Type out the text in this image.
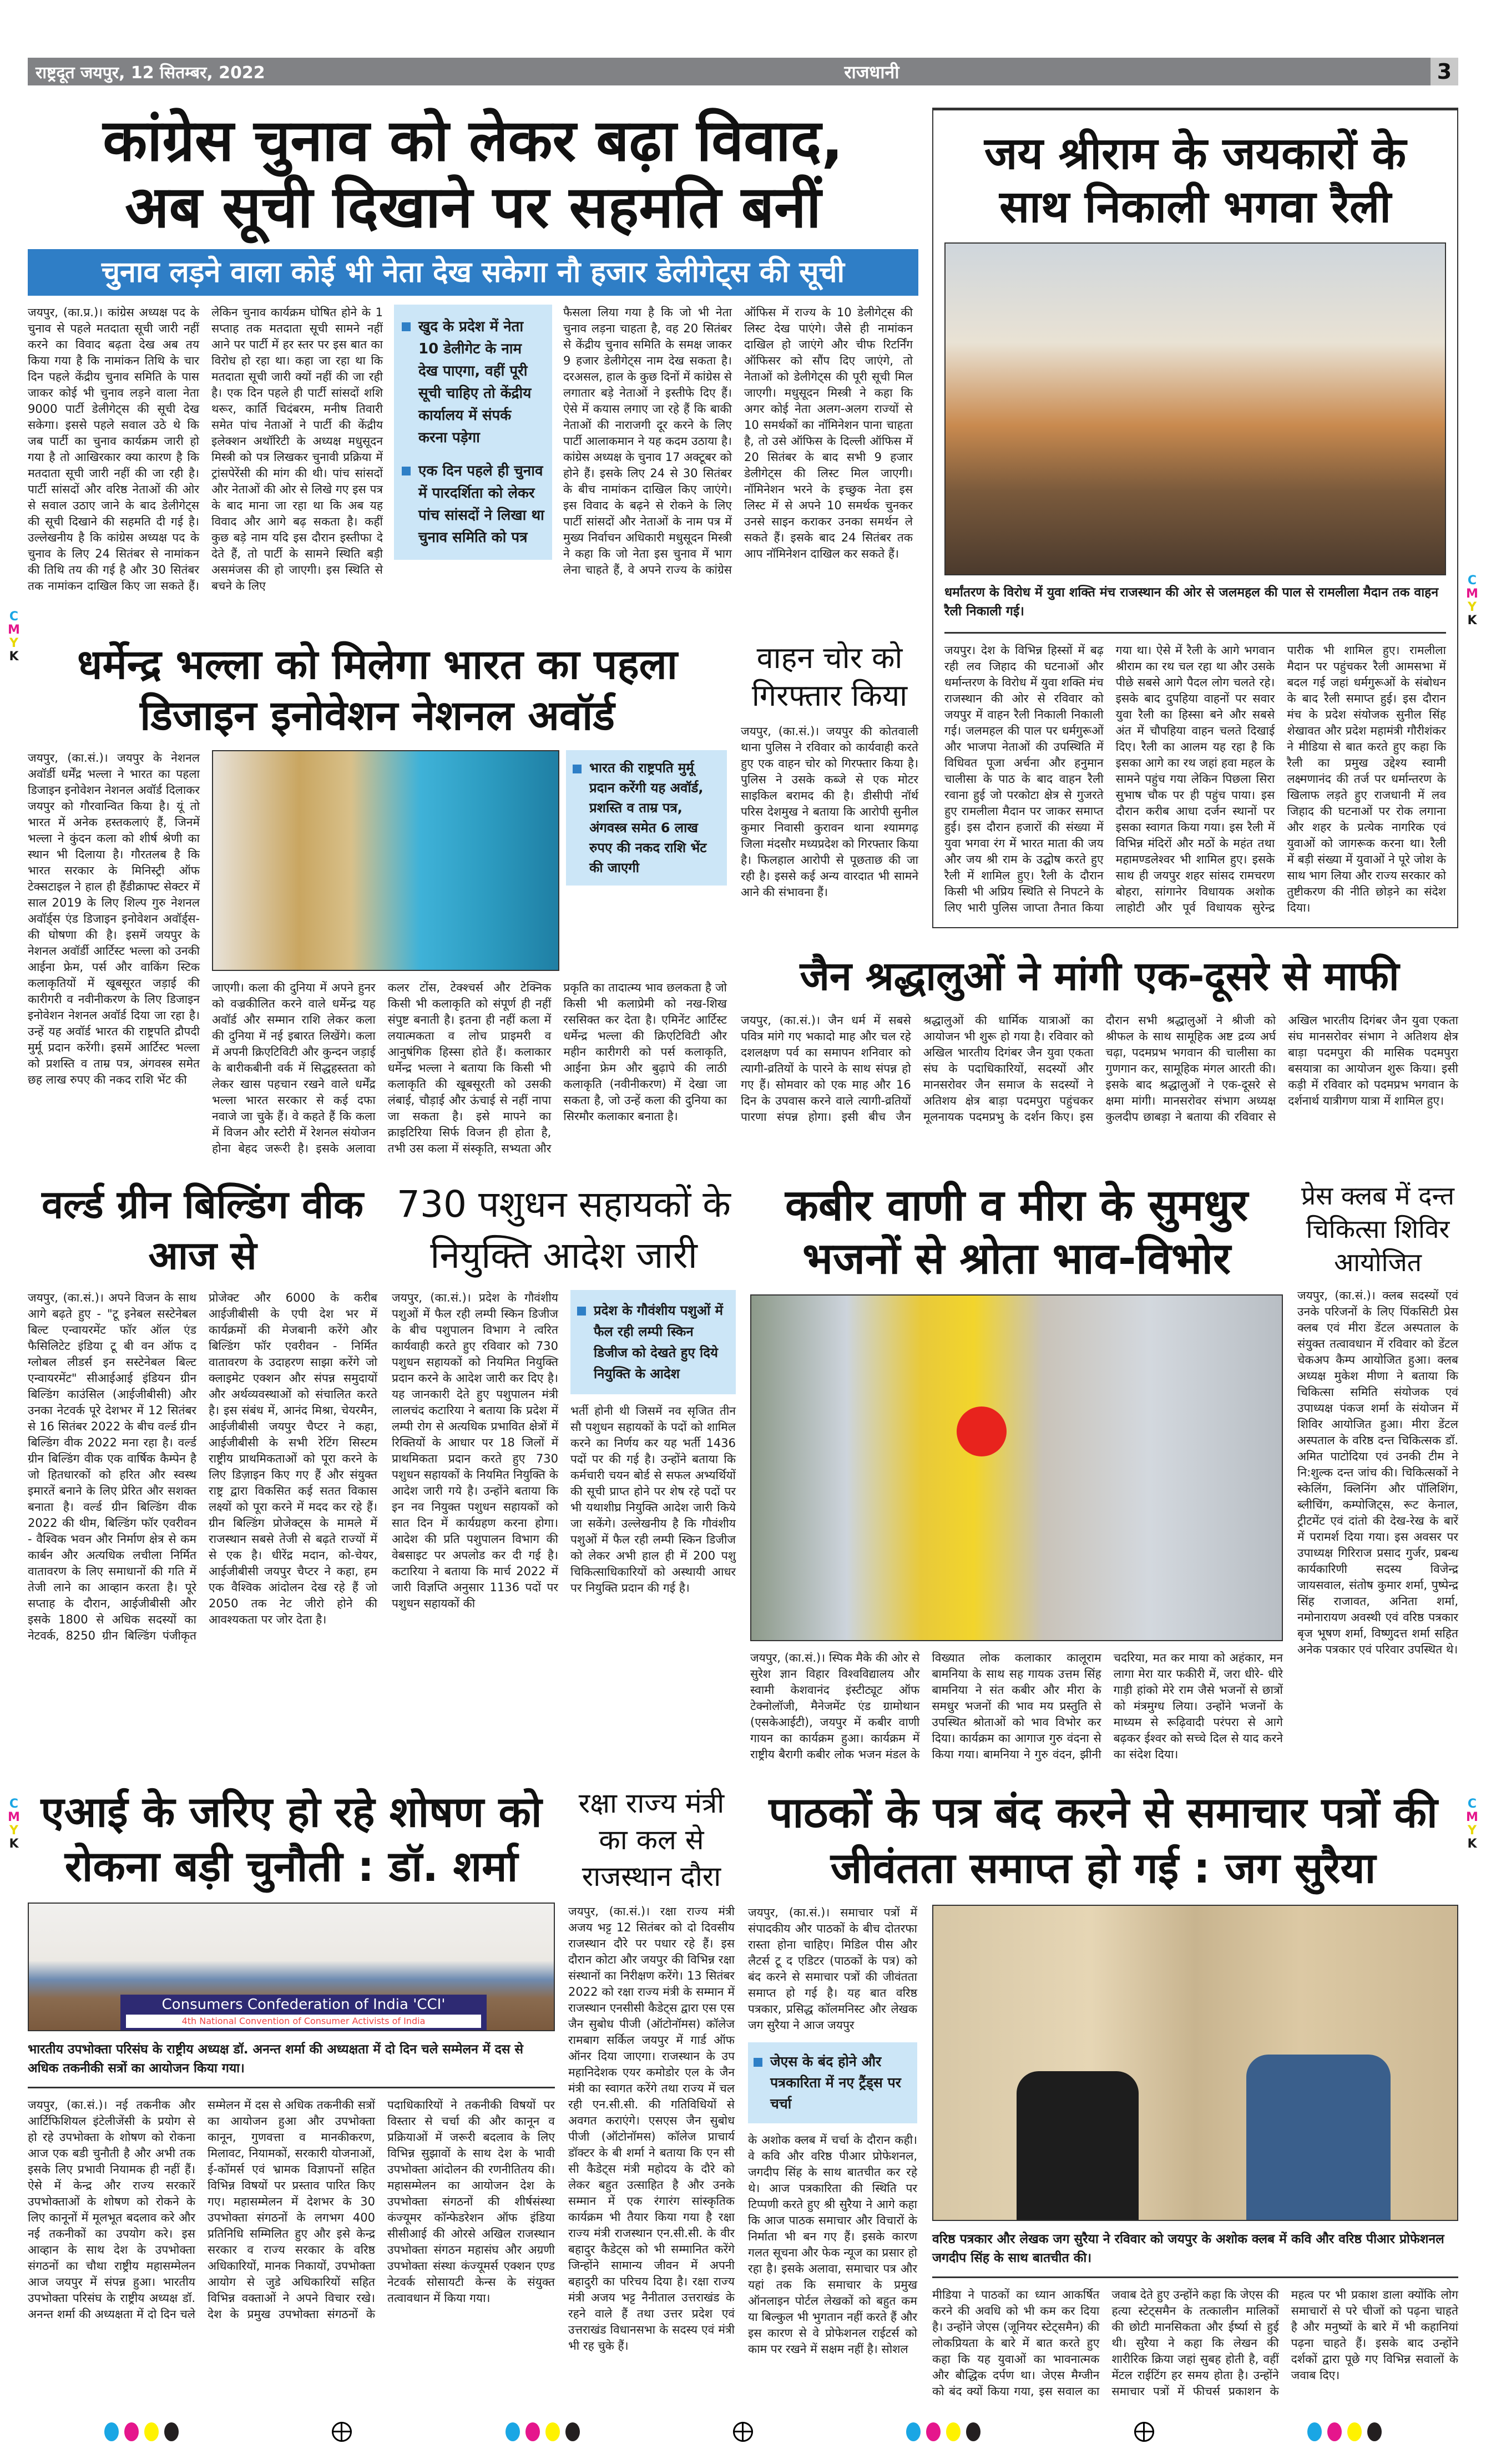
राष्ट्रदूत जयपुर, 12 सितम्बर, 2022	राजधानी	3
कांग्रेस चुनाव को लेकर बढ़ा विवाद,
अब सूची दिखाने पर सहमति बनीं
चुनाव लड़ने वाला कोई भी नेता देख सकेगा नौ हजार डेलीगेट्स की सूची
जयपुर, (का.प्र.)। कांग्रेस अध्यक्ष पद के चुनाव से पहले मतदाता सूची जारी नहीं करने का विवाद बढ़ता देख अब तय किया गया है कि नामांकन तिथि के चार दिन पहले केंद्रीय चुनाव समिति के पास जाकर कोई भी चुनाव लड़ने वाला नेता 9000 पार्टी डेलीगेट्स की सूची देख सकेगा। इससे पहले सवाल उठे थे कि जब पार्टी का चुनाव कार्यक्रम जारी हो गया है तो आखिरकार क्या कारण है कि मतदाता सूची जारी नहीं की जा रही है। पार्टी सांसदों और वरिष्ठ नेताओं की ओर से सवाल उठाए जाने के बाद डेलीगेट्स की सूची दिखाने की सहमति दी गई है। उल्लेखनीय है कि कांग्रेस अध्यक्ष पद के चुनाव के लिए 24 सितंबर से नामांकन की तिथि तय की गई है और 30 सितंबर तक नामांकन दाखिल किए जा सकते हैं। लेकिन चुनाव कार्यक्रम घोषित होने के 1 सप्ताह तक मतदाता सूची सामने नहीं आने पर पार्टी में हर स्तर पर इस बात का विरोध हो रहा था। कहा जा रहा था कि मतदाता सूची जारी क्यों नहीं की जा रही है। एक दिन पहले ही पार्टी सांसदों शशि थरूर, कार्ति चिदंबरम, मनीष तिवारी समेत पांच नेताओं ने पार्टी की केंद्रीय इलेक्शन अथॉरिटी के अध्यक्ष मधुसूदन मिस्त्री को पत्र लिखकर चुनावी प्रक्रिया में ट्रांसपेरेंसी की मांग की थी। पांच सांसदों और नेताओं की ओर से लिखे गए इस पत्र के बाद माना जा रहा था कि अब यह विवाद और आगे बढ़ सकता है। कहीं कुछ बड़े नाम यदि इस दौरान इस्तीफा दे देते हैं, तो पार्टी के सामने स्थिति बड़ी असमंजस की हो जाएगी। इस स्थिति से बचने के लिए
खुद के प्रदेश में नेता 10 डेलीगेट के नाम देख पाएगा, वहीं पूरी सूची चाहिए तो केंद्रीय कार्यालय में संपर्क करना पड़ेगा
एक दिन पहले ही चुनाव में पारदर्शिता को लेकर पांच सांसदों ने लिखा था चुनाव समिति को पत्र
फैसला लिया गया है कि जो भी नेता चुनाव लड़ना चाहता है, वह 20 सितंबर से केंद्रीय चुनाव समिति के समक्ष जाकर 9 हजार डेलीगेट्स नाम देख सकता है। दरअसल, हाल के कुछ दिनों में कांग्रेस से लगातार बड़े नेताओं ने इस्तीफे दिए हैं। ऐसे में कयास लगाए जा रहे हैं कि बाकी नेताओं की नाराजगी दूर करने के लिए पार्टी आलाकमान ने यह कदम उठाया है। कांग्रेस अध्यक्ष के चुनाव 17 अक्टूबर को होने हैं। इसके लिए 24 से 30 सितंबर के बीच नामांकन दाखिल किए जाएंगे। इस विवाद के बढ़ने से रोकने के लिए पार्टी सांसदों और नेताओं के नाम पत्र में मुख्य निर्वाचन अधिकारी मधुसूदन मिस्त्री ने कहा कि जो नेता इस चुनाव में भाग लेना चाहते हैं, वे अपने राज्य के कांग्रेस ऑफिस में राज्य के 10 डेलीगेट्स की लिस्ट देख पाएंगे। जैसे ही नामांकन दाखिल हो जाएंगे और चीफ रिटर्निंग ऑफिसर को सौंप दिए जाएंगे, तो नेताओं को डेलीगेट्स की पूरी सूची मिल जाएगी। मधुसूदन मिस्त्री ने कहा कि अगर कोई नेता अलग-अलग राज्यों से 10 समर्थकों का नॉमिनेशन पाना चाहता है, तो उसे ऑफिस के दिल्ली ऑफिस में 20 सितंबर के बाद सभी 9 हजार डेलीगेट्स की लिस्ट मिल जाएगी। नॉमिनेशन भरने के इच्छुक नेता इस लिस्ट में से अपने 10 समर्थक चुनकर उनसे साइन कराकर उनका समर्थन ले सकते हैं। इसके बाद 24 सितंबर तक आप नॉमिनेशन दाखिल कर सकते हैं।
जय श्रीराम के जयकारों के साथ निकाली भगवा रैली
धर्मांतरण के विरोध में युवा शक्ति मंच राजस्थान की ओर से जलमहल की पाल से रामलीला मैदान तक वाहन रैली निकाली गई।
जयपुर। देश के विभिन्न हिस्सों में बढ़ रही लव जिहाद की घटनाओं और धर्मान्तरण के विरोध में युवा शक्ति मंच राजस्थान की ओर से रविवार को जयपुर में वाहन रैली निकाली निकाली गई। जलमहल की पाल पर धर्मगुरूओं और भाजपा नेताओं की उपस्थिति में विधिवत पूजा अर्चना और हनुमान चालीसा के पाठ के बाद वाहन रैली रवाना हुई जो परकोटा क्षेत्र से गुजरते हुए रामलीला मैदान पर जाकर समाप्त हुई। इस दौरान हजारों की संख्या में युवा भगवा रंग में भारत माता की जय और जय श्री राम के उद्घोष करते हुए रैली में शामिल हुए। रैली के दौरान किसी भी अप्रिय स्थिति से निपटने के लिए भारी पुलिस जाप्ता तैनात किया गया था। ऐसे में रैली के आगे भगवान श्रीराम का रथ चल रहा था और उसके पीछे सबसे आगे पैदल लोग चलते रहे। इसके बाद दुपहिया वाहनों पर सवार युवा रैली का हिस्सा बने और सबसे अंत में चौपहिया वाहन चलते दिखाई दिए। रैली का आलम यह रहा है कि इसका आगे का रथ जहां हवा महल के सामने पहुंच गया लेकिन पिछला सिरा सुभाष चौक पर ही पहुंच पाया। इस दौरान करीब आधा दर्जन स्थानों पर इसका स्वागत किया गया। इस रैली में विभिन्न मंदिरों और मठों के महंत तथा महामण्डलेश्वर भी शामिल हुए। इसके साथ ही जयपुर शहर सांसद रामचरण बोहरा, सांगानेर विधायक अशोक लाहोटी और पूर्व विधायक सुरेन्द्र पारीक भी शामिल हुए। रामलीला मैदान पर पहुंचकर रैली आमसभा में बदल गई जहां धर्मगुरूओं के संबोधन के बाद रैली समाप्त हुई। इस दौरान मंच के प्रदेश संयोजक सुनील सिंह शेखावत और प्रदेश महामंत्री गौरीशंकर ने मीडिया से बात करते हुए कहा कि रैली का प्रमुख उद्देश्य स्वामी लक्ष्मणानंद की तर्ज पर धर्मान्तरण के खिलाफ लड़ते हुए राजधानी में लव जिहाद की घटनाओं पर रोक लगाना और शहर के प्रत्येक नागरिक एवं युवाओं को जागरूक करना था। रैली में बड़ी संख्या में युवाओं ने पूरे जोश के साथ भाग लिया और राज्य सरकार को तुष्टीकरण की नीति छोड़ने का संदेश दिया।
धर्मेन्द्र भल्ला को मिलेगा भारत का पहला डिजाइन इनोवेशन नेशनल अवॉर्ड
जयपुर, (का.सं.)। जयपुर के नेशनल अवॉर्डी धर्मेंद्र भल्ला ने भारत का पहला डिजाइन इनोवेशन नेशनल अवॉर्ड दिलाकर जयपुर को गौरवान्वित किया है। यूं तो भारत में अनेक हस्तकलाएं हैं, जिनमें भल्ला ने कुंदन कला को शीर्ष श्रेणी का स्थान भी दिलाया है। गौरतलब है कि भारत सरकार के मिनिस्ट्री ऑफ टेक्सटाइल ने हाल ही हैंडीक्राफ्ट सेक्टर में साल 2019 के लिए शिल्प गुरु नेशनल अवॉर्ड्स एंड डिजाइन इनोवेशन अवॉर्ड्स-की घोषणा की है। इसमें जयपुर के नेशनल अवॉर्डी आर्टिस्ट भल्ला को उनकी आईना फ्रेम, पर्स और वाकिंग स्टिक कलाकृतियों में खूबसूरत जड़ाई की कारीगरी व नवीनीकरण के लिए डिजाइन इनोवेशन नेशनल अवॉर्ड दिया जा रहा है। उन्हें यह अवॉर्ड भारत की राष्ट्रपति द्रौपदी मुर्मू प्रदान करेंगी। इसमें आर्टिस्ट भल्ला को प्रशस्ति व ताम्र पत्र, अंगवस्त्र समेत छह लाख रुपए की नकद राशि भेंट की
भारत की राष्ट्रपति मुर्मू प्रदान करेंगी यह अवॉर्ड, प्रशस्ति व ताम्र पत्र, अंगवस्त्र समेत 6 लाख रुपए की नकद राशि भेंट की जाएगी
जाएगी। कला की दुनिया में अपने हुनर को वज्रकीलित करने वाले धर्मेन्द्र यह अवॉर्ड और सम्मान राशि लेकर कला की दुनिया में नई इबारत लिखेंगे। कला में अपनी क्रिएटिविटी और कुन्दन जड़ाई के बारीकबीनी वर्क में सिद्धहस्तता को लेकर खास पहचान रखने वाले धर्मेंद्र भल्ला भारत सरकार से कई दफा नवाजे जा चुके हैं। वे कहते हैं कि कला में विजन और स्टोरी में रेशनल संयोजन होना बेहद जरूरी है। इसके अलावा कलर टोंस, टेक्श्चर्स और टेक्निक किसी भी कलाकृति को संपूर्ण ही नहीं संपुष्ट बनाती है। इतना ही नहीं कला में लयात्मकता व लोच प्राइमरी व आनुषंगिक हिस्सा होते हैं। कलाकार धर्मेन्द्र भल्ला ने बताया कि किसी भी कलाकृति की खूबसूरती को उसकी लंबाई, चौड़ाई और ऊंचाई से नहीं नापा जा सकता है। इसे मापने का क्राइटिरिया सिर्फ विजन ही होता है, तभी उस कला में संस्कृति, सभ्यता और प्रकृति का तादात्म्य भाव छलकता है जो किसी भी कलाप्रेमी को नख-शिख रससिक्त कर देता है। एमिनेंट आर्टिस्ट धर्मेन्द्र भल्ला की क्रिएटिविटी और महीन कारीगरी को पर्स कलाकृति, आईना फ्रेम और बुढ़ापे की लाठी कलाकृति (नवीनीकरण) में देखा जा सकता है, जो उन्हें कला की दुनिया का सिरमौर कलाकार बनाता है।
वाहन चोर को गिरफ्तार किया
जयपुर, (का.सं.)। जयपुर की कोतवाली थाना पुलिस ने रविवार को कार्यवाही करते हुए एक वाहन चोर को गिरफ्तार किया है। पुलिस ने उसके कब्जे से एक मोटर साइकिल बरामद की है। डीसीपी नॉर्थ परिस देशमुख ने बताया कि आरोपी सुनील कुमार निवासी कुरावन थाना श्यामगढ़ जिला मंदसौर मध्यप्रदेश को गिरफ्तार किया है। फिलहाल आरोपी से पूछताछ की जा रही है। इससे कई अन्य वारदात भी सामने आने की संभावना हैं।
जैन श्रद्धालुओं ने मांगी एक-दूसरे से माफी
जयपुर, (का.सं.)। जैन धर्म में सबसे पवित्र मांगे गए भकादो माह और चल रहे दशलक्षण पर्व का समापन शनिवार को त्यागी-व्रतियों के पारने के साथ संपन्न हो गए हैं। सोमवार को एक माह और 16 दिन के उपवास करने वाले त्यागी-व्रतियों पारणा संपन्न होगा। इसी बीच जैन श्रद्धालुओं की धार्मिक यात्राओं का आयोजन भी शुरू हो गया है। रविवार को अखिल भारतीय दिगंबर जैन युवा एकता संघ के पदाधिकारियों, सदस्यों और मानसरोवर जैन समाज के सदस्यों ने अतिशय क्षेत्र बाड़ा पदमपुरा पहुंचकर मूलनायक पदमप्रभु के दर्शन किए। इस दौरान सभी श्रद्धालुओं ने श्रीजी को श्रीफल के साथ सामूहिक अष्ट द्रव्य अर्घ चढ़ा, पदमप्रभ भगवान की चालीसा का गुणगान कर, सामूहिक मंगल आरती की। इसके बाद श्रद्धालुओं ने एक-दूसरे से क्षमा मांगी। मानसरोवर संभाग अध्यक्ष कुलदीप छाबड़ा ने बताया की रविवार से अखिल भारतीय दिगंबर जैन युवा एकता संघ मानसरोवर संभाग ने अतिशय क्षेत्र बाड़ा पदमपुरा की मासिक पदमपुरा बसयात्रा का आयोजन शुरू किया। इसी कड़ी में रविवार को पदमप्रभ भगवान के दर्शनार्थ यात्रीगण यात्रा में शामिल हुए।
वर्ल्ड ग्रीन बिल्डिंग वीक आज से
जयपुर, (का.सं.)। अपने विजन के साथ आगे बढ़ते हुए - "टू इनेबल सस्टेनेबल बिल्ट एन्वायरमेंट फॉर ऑल एंड फैसिलिटेट इंडिया टू बी वन ऑफ द ग्लोबल लीडर्स इन सस्टेनेबल बिल्ट एन्वायरमेंट" सीआईआई इंडियन ग्रीन बिल्डिंग काउंसिल (आईजीबीसी) और उनका नेटवर्क पूरे देशभर में 12 सितंबर से 16 सितंबर 2022 के बीच वर्ल्ड ग्रीन बिल्डिंग वीक 2022 मना रहा है। वर्ल्ड ग्रीन बिल्डिंग वीक एक वार्षिक कैम्पेन है जो हितधारकों को हरित और स्वस्थ इमारतें बनाने के लिए प्रेरित और सशक्त बनाता है। वर्ल्ड ग्रीन बिल्डिंग वीक 2022 की थीम, बिल्डिंग फॉर एवरीवन - वैश्विक भवन और निर्माण क्षेत्र से कम कार्बन और अत्यधिक लचीला निर्मित वातावरण के लिए समाधानों की गति में तेजी लाने का आव्हान करता है। पूरे सप्ताह के दौरान, आईजीबीसी और इसके 1800 से अधिक सदस्यों का नेटवर्क, 8250 ग्रीन बिल्डिंग पंजीकृत प्रोजेक्ट और 6000 के करीब आईजीबीसी के एपी देश भर में कार्यक्रमों की मेजबानी करेंगे और बिल्डिंग फॉर एवरीवन - निर्मित वातावरण के उदाहरण साझा करेंगे जो क्लाइमेट एक्शन और संपन्न समुदायों और अर्थव्यवस्थाओं को संचालित करते है। इस संबंध में, आनंद मिश्रा, चेयरमैन, आईजीबीसी जयपुर चैप्टर ने कहा, आईजीबीसी के सभी रेटिंग सिस्टम राष्ट्रीय प्राथमिकताओं को पूरा करने के लिए डिज़ाइन किए गए हैं और संयुक्त राष्ट्र द्वारा विकसित कई सतत विकास लक्ष्यों को पूरा करने में मदद कर रहे हैं। ग्रीन बिल्डिंग प्रोजेक्ट्स के मामले में राजस्थान सबसे तेजी से बढ़ते राज्यों में से एक है। धीरेंद्र मदान, को-चेयर, आईजीबीसी जयपुर चैप्टर ने कहा, हम एक वैश्विक आंदोलन देख रहे हैं जो 2050 तक नेट जीरो होने की आवश्यकता पर जोर देता है।
730 पशुधन सहायकों के नियुक्ति आदेश जारी
जयपुर, (का.सं.)। प्रदेश के गौवंशीय पशुओं में फैल रही लम्पी स्किन डिजीज के बीच पशुपालन विभाग ने त्वरित कार्यवाही करते हुए रविवार को 730 पशुधन सहायकों को नियमित नियुक्ति प्रदान करने के आदेश जारी कर दिए है। यह जानकारी देते हुए पशुपालन मंत्री लालचंद कटारिया ने बताया कि प्रदेश में लम्पी रोग से अत्यधिक प्रभावित क्षेत्रों में रिक्तियों के आधार पर 18 जिलों में प्राथमिकता प्रदान करते हुए 730 पशुधन सहायकों के नियमित नियुक्ति के आदेश जारी गये है। उन्होंने बताया कि इन नव नियुक्त पशुधन सहायकों को सात दिन में कार्यग्रहण करना होगा। आदेश की प्रति पशुपालन विभाग की वेबसाइट पर अपलोड कर दी गई है। कटारिया ने बताया कि मार्च 2022 में जारी विज्ञप्ति अनुसार 1136 पदों पर पशुधन सहायकों की
प्रदेश के गौवंशीय पशुओं में फैल रही लम्पी स्किन डिजीज को देखते हुए दिये नियुक्ति के आदेश
भर्ती होनी थी जिसमें नव सृजित तीन सौ पशुधन सहायकों के पदों को शामिल करने का निर्णय कर यह भर्ती 1436 पदों पर की गई है। उन्होंने बताया कि कर्मचारी चयन बोर्ड से सफल अभ्यर्थियों की सूची प्राप्त होने पर शेष रहे पदों पर भी यथाशीघ्र नियुक्ति आदेश जारी किये जा सकेंगे। उल्लेखनीय है कि गौवंशीय पशुओं में फैल रही लम्पी स्किन डिजीज को लेकर अभी हाल ही में 200 पशु चिकित्साधिकारियों को अस्थायी आधर पर नियुक्ति प्रदान की गई है।
कबीर वाणी व मीरा के सुमधुर भजनों से श्रोता भाव-विभोर
जयपुर, (का.सं.)। स्पिक मैके की ओर से सुरेश ज्ञान विहार विश्वविद्यालय और स्वामी केशवानंद इंस्टीट्यूट ऑफ टेक्नोलॉजी, मैनेजमेंट एंड ग्रामोथान (एसकेआईटी), जयपुर में कबीर वाणी गायन का कार्यक्रम हुआ। कार्यक्रम में राष्ट्रीय बैरागी कबीर लोक भजन मंडल के विख्यात लोक कलाकार कालूराम बामनिया के साथ सह गायक उत्तम सिंह बामनिया ने संत कबीर और मीरा के समधुर भजनों की भाव मय प्रस्तुति से उपस्थित श्रोताओं को भाव विभोर कर दिया। कार्यक्रम का आगाज गुरु वंदना से किया गया। बामनिया ने गुरु वंदन, झीनी चदरिया, मत कर माया को अहंकार, मन लागा मेरा यार फकीरी में, जरा धीरे- धीरे गाड़ी हांको मेरे राम जैसे भजनों से छात्रों को मंत्रमुग्ध लिया। उन्होंने भजनों के माध्यम से रूढ़िवादी परंपरा से आगे बढ़कर ईश्वर को सच्चे दिल से याद करने का संदेश दिया।
प्रेस क्लब में दन्त चिकित्सा शिविर आयोजित
जयपुर, (का.सं.)। क्लब सदस्यों एवं उनके परिजनों के लिए पिंकसिटी प्रेस क्लब एवं मीरा डेंटल अस्पताल के संयुक्त तत्वावधान में रविवार को डेंटल चेकअप कैम्प आयोजित हुआ। क्लब अध्यक्ष मुकेश मीणा ने बताया कि चिकित्सा समिति संयोजक एवं उपाध्यक्ष पंकज शर्मा के संयोजन में शिविर आयोजित हुआ। मीरा डेंटल अस्पताल के वरिष्ठ दन्त चिकित्सक डॉ. अमित पाटोदिया एवं उनकी टीम ने नि:शुल्क दन्त जांच की। चिकित्सकों ने स्केलिंग, क्लिनिंग और पॉलिशिंग, ब्लीचिंग, कम्पोजिट्स, रूट केनाल, ट्रीटमेंट एवं दांतो की देख-रेख के बारें में परामर्श दिया गया। इस अवसर पर उपाध्यक्ष गिरिराज प्रसाद गुर्जर, प्रबन्ध कार्यकारिणी सदस्य विजेन्द्र जायसवाल, संतोष कुमार शर्मा, पुष्पेन्द्र सिंह राजावत, अनिता शर्मा, नमोनारायण अवस्थी एवं वरिष्ठ पत्रकार बृज भूषण शर्मा, विष्णुदत्त शर्मा सहित अनेक पत्रकार एवं परिवार उपस्थित थे।
एआई के जरिए हो रहे शोषण को रोकना बड़ी चुनौती : डॉ. शर्मा
Consumers Confederation of India 'CCI'
4th National Convention of Consumer Activists of India
भारतीय उपभोक्ता परिसंघ के राष्ट्रीय अध्यक्ष डॉ. अनन्त शर्मा की अध्यक्षता में दो दिन चले सम्मेलन में दस से अधिक तकनीकी सत्रों का आयोजन किया गया।
जयपुर, (का.सं.)। नई तकनीक और आर्टिफिशियल इंटेलीजेंसी के प्रयोग से हो रहे उपभोक्ता के शोषण को रोकना आज एक बडी चुनौती है और अभी तक इसके लिए प्रभावी नियामक ही नहीं हैं। ऐसे में केन्द्र और राज्य सरकारें उपभोक्ताओं के शोषण को रोकने के लिए कानूनों में मूलभूत बदलाव करे और नई तकनीकों का उपयोग करे। इस आव्हान के साथ देश के उपभोक्ता संगठनों का चौथा राष्ट्रीय महासम्मेलन आज जयपुर में संपन्न हुआ। भारतीय उपभोक्ता परिसंघ के राष्ट्रीय अध्यक्ष डॉ. अनन्त शर्मा की अध्यक्षता में दो दिन चले सम्मेलन में दस से अधिक तकनीकी सत्रों का आयोजन हुआ और उपभोक्ता कानून, गुणवत्ता व मानकीकरण, मिलावट, नियामकों, सरकारी योजनाओं, ई-कॉमर्स एवं भ्रामक विज्ञापनों सहित विभिन्न विषयों पर प्रस्ताव पारित किए गए। महासम्मेलन में देशभर के 30 उपभोक्ता संगठनों के लगभग 400 प्रतिनिधि सम्मिलित हुए और इसे केन्द्र सरकार व राज्य सरकार के वरिष्ठ अधिकारियों, मानक निकायों, उपभोक्ता आयोग से जुडे अधिकारियों सहित विभिन्न वक्ताओं ने अपने विचार रखे। देश के प्रमुख उपभोक्ता संगठनों के पदाधिकारियों ने तकनीकी विषयों पर विस्तार से चर्चा की और कानून व प्रक्रियाओं में जरूरी बदलाव के लिए विभिन्न सुझावों के साथ देश के भावी उपभोक्ता आंदोलन की रणनीतितय की। महासम्मेलन का आयोजन देश के उपभोक्ता संगठनों की शीर्षसंस्था कंज्यूमर कॉन्फेडरेशन ऑफ इंडिया सीसीआई की ओरसे अखिल राजस्थान उपभोक्ता संगठन महासंघ और अग्रणी उपभोक्ता संस्था कंज्यूमर्स एक्शन एण्ड नेटवर्क सोसायटी केन्स के संयुक्त तत्वावधान में किया गया।
रक्षा राज्य मंत्री का कल से राजस्थान दौरा
जयपुर, (का.सं.)। रक्षा राज्य मंत्री अजय भट्ट 12 सितंबर को दो दिवसीय राजस्थान दौरे पर पधार रहे हैं। इस दौरान कोटा और जयपुर की विभिन्न रक्षा संस्थानों का निरीक्षण करेंगे। 13 सितंबर 2022 को रक्षा राज्य मंत्री के सम्मान में राजस्थान एनसीसी कैडेट्स द्वारा एस एस जैन सुबोध पीजी (ऑटोनॉमस) कॉलेज रामबाग सर्किल जयपुर में गार्ड ऑफ ऑनर दिया जाएगा। राजस्थान के उप महानिदेशक एयर कमोडोर एल के जैन मंत्री का स्वागत करेंगे तथा राज्य में चल रही एन.सी.सी. की गतिविधियों से अवगत कराएंगे। एसएस जैन सुबोध पीजी (ऑटोनॉमस) कॉलेज प्राचार्य डॉक्टर के बी शर्मा ने बताया कि एन सी सी कैडेट्स मंत्री महोदय के दौरे को लेकर बहुत उत्साहित है और उनके सम्मान में एक रंगारंग सांस्कृतिक कार्यक्रम भी तैयार किया गया है रक्षा राज्य मंत्री राजस्थान एन.सी.सी. के वीर बहादुर कैडेट्स को भी सम्मानित करेंगे जिन्होंने सामान्य जीवन में अपनी बहादुरी का परिचय दिया है। रक्षा राज्य मंत्री अजय भट्ट नैनीताल उत्तराखंड के रहने वाले हैं तथा उत्तर प्रदेश एवं उत्तराखंड विधानसभा के सदस्य एवं मंत्री भी रह चुके हैं।
पाठकों के पत्र बंद करने से समाचार पत्रों की जीवंतता समाप्त हो गई : जग सुरैया
जयपुर, (का.सं.)। समाचार पत्रों में संपादकीय और पाठकों के बीच दोतरफा रास्ता होना चाहिए। मिडिल पीस और लैटर्स टू द एडिटर (पाठकों के पत्र) को बंद करने से समाचार पत्रों की जीवंतता समाप्त हो गई है। यह बात वरिष्ठ पत्रकार, प्रसिद्ध कॉलमनिस्ट और लेखक जग सुरैया ने आज जयपुर
जेएस के बंद होने और पत्रकारिता में नए ट्रैंड्स पर चर्चा
के अशोक क्लब में चर्चा के दौरान कही। वे कवि और वरिष्ठ पीआर प्रोफेशनल, जगदीप सिंह के साथ बातचीत कर रहे थे। आज पत्रकारिता की स्थिति पर टिप्पणी करते हुए श्री सुरैया ने आगे कहा कि आज पाठक समाचार और विचारों के निर्माता भी बन गए हैं। इसके कारण गलत सूचना और फेक न्यूज का प्रसार हो रहा है। इसके अलावा, समाचार पत्र और यहां तक कि समाचार के प्रमुख ऑनलाइन पोर्टल लेखकों को बहुत कम या बिल्कुल भी भुगतान नहीं करते हैं और इस कारण से वे प्रोफेशनल राईटर्स को काम पर रखने में सक्षम नहीं है। सोशल
वरिष्ठ पत्रकार और लेखक जग सुरैया ने रविवार को जयपुर के अशोक क्लब में कवि और वरिष्ठ पीआर प्रोफेशनल जगदीप सिंह के साथ बातचीत की।
मीडिया ने पाठकों का ध्यान आकर्षित करने की अवधि को भी कम कर दिया है। उन्होंने जेएस (जूनियर स्टेट्समैन) की लोकप्रियता के बारे में बात करते हुए कहा कि यह युवाओं का भावनात्मक और बौद्धिक दर्पण था। जेएस मैग्जीन को बंद क्यों किया गया, इस सवाल का जवाब देते हुए उन्होंने कहा कि जेएस की हत्या स्टेट्समैन के तत्कालीन मालिकों की छोटी मानसिकता और ईर्ष्या से हुई थी। सुरैया ने कहा कि लेखन की शारीरिक क्रिया जहां सुबह होती है, वहीं मेंटल राईटिंग हर समय होता है। उन्होंने समाचार पत्रों में फीचर्स प्रकाशन के महत्व पर भी प्रकाश डाला क्योंकि लोग समाचारों से परे चीजों को पढ़ना चाहते है और मनुष्यों के बारे में भी कहानियां पढ़ना चाहते हैं। इसके बाद उन्होंने दर्शकों द्वारा पूछे गए विभिन्न सवालों के जवाब दिए।
C
M
Y
K
C
M
Y
K
C
M
Y
K
C
M
Y
K
